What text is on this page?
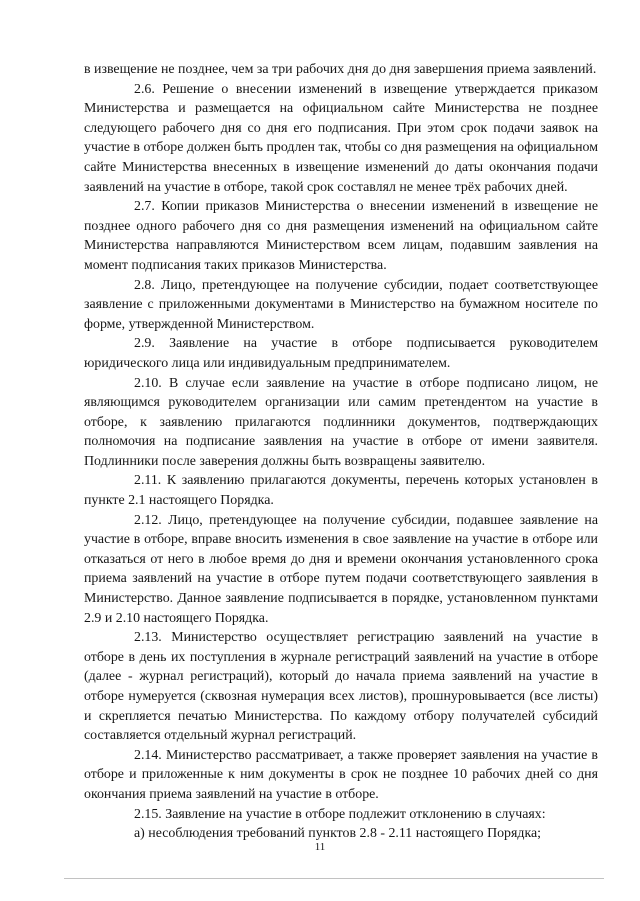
в извещение не позднее, чем за три рабочих дня до дня завершения приема заявлений.

2.6. Решение о внесении изменений в извещение утверждается приказом Министерства и размещается на официальном сайте Министерства не позднее следующего рабочего дня со дня его подписания. При этом срок подачи заявок на участие в отборе должен быть продлен так, чтобы со дня размещения на официальном сайте Министерства внесенных в извещение изменений до даты окончания подачи заявлений на участие в отборе, такой срок составлял не менее трёх рабочих дней.

2.7. Копии приказов Министерства о внесении изменений в извещение не позднее одного рабочего дня со дня размещения изменений на официальном сайте Министерства направляются Министерством всем лицам, подавшим заявления на момент подписания таких приказов Министерства.

2.8. Лицо, претендующее на получение субсидии, подает соответствующее заявление с приложенными документами в Министерство на бумажном носителе по форме, утвержденной Министерством.

2.9. Заявление на участие в отборе подписывается руководителем юридического лица или индивидуальным предпринимателем.

2.10. В случае если заявление на участие в отборе подписано лицом, не являющимся руководителем организации или самим претендентом на участие в отборе, к заявлению прилагаются подлинники документов, подтверждающих полномочия на подписание заявления на участие в отборе от имени заявителя. Подлинники после заверения должны быть возвращены заявителю.

2.11. К заявлению прилагаются документы, перечень которых установлен в пункте 2.1 настоящего Порядка.

2.12. Лицо, претендующее на получение субсидии, подавшее заявление на участие в отборе, вправе вносить изменения в свое заявление на участие в отборе или отказаться от него в любое время до дня и времени окончания установленного срока приема заявлений на участие в отборе путем подачи соответствующего заявления в Министерство. Данное заявление подписывается в порядке, установленном пунктами 2.9 и 2.10 настоящего Порядка.

2.13. Министерство осуществляет регистрацию заявлений на участие в отборе в день их поступления в журнале регистраций заявлений на участие в отборе (далее - журнал регистраций), который до начала приема заявлений на участие в отборе нумеруется (сквозная нумерация всех листов), прошнуровывается (все листы) и скрепляется печатью Министерства. По каждому отбору получателей субсидий составляется отдельный журнал регистраций.

2.14. Министерство рассматривает, а также проверяет заявления на участие в отборе и приложенные к ним документы в срок не позднее 10 рабочих дней со дня окончания приема заявлений на участие в отборе.

2.15. Заявление на участие в отборе подлежит отклонению в случаях:

а) несоблюдения требований пунктов 2.8 - 2.11 настоящего Порядка;

11
